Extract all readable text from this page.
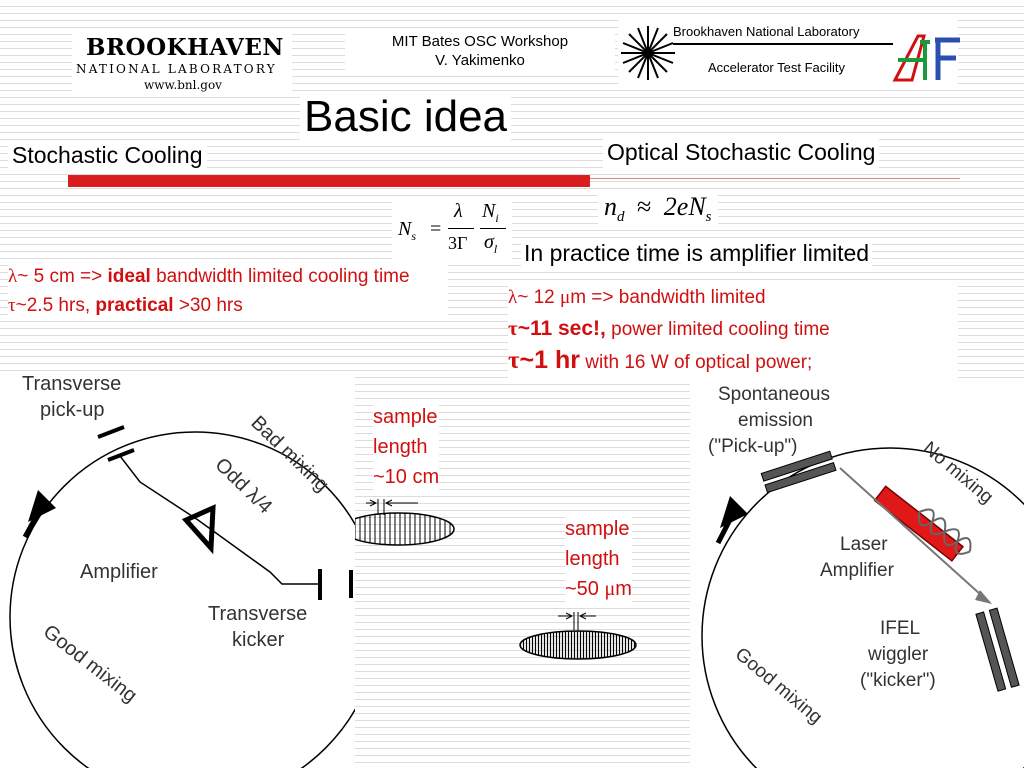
BROOKHAVEN
NATIONAL LABORATORY
www.bnl.gov
MIT Bates OSC Workshop
V. Yakimenko
Brookhaven National Laboratory
Accelerator Test Facility
Basic idea
Stochastic Cooling	Optical Stochastic Cooling
$N_s$ =
λ
3Γ
$N_i$
$\sigma_l$
$n_d \approx 2eN_s$
In practice time is amplifier limited
λ~ 5 cm => ideal bandwidth limited cooling time τ~2.5 hrs, practical >30 hrs	λ~ 12 μm => bandwidth limited
τ~11 sec!, power limited cooling time
τ~1 hr with 16 W of optical power;
sample
length
~10 cm
sample
length
~50 μm
Transverse
pick-up
Bad mixing
Odd λ/4
Amplifier
Transverse
kicker
Good mixing
Spontaneous
emission
("Pick-up")	No mixing
Laser
Amplifier
IFEL
wiggler
("kicker")
Good mixing
